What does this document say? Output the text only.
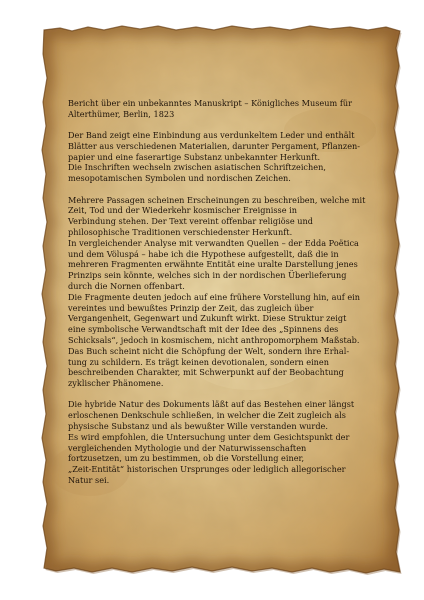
Bericht über ein unbekanntes Manuskript – Königliches Museum für
Alterthümer, Berlin, 1823

Der Band zeigt eine Einbindung aus verdunkeltem Leder und enthält
Blätter aus verschiedenen Materialien, darunter Pergament, Pflanzen-
papier und eine faserartige Substanz unbekannter Herkunft.
Die Inschriften wechseln zwischen asiatischen Schriftzeichen,
mesopotamischen Symbolen und nordischen Zeichen.

Mehrere Passagen scheinen Erscheinungen zu beschreiben, welche mit
Zeit, Tod und der Wiederkehr kosmischer Ereignisse in
Verbindung stehen. Der Text vereint offenbar religiöse und
philosophische Traditionen verschiedenster Herkunft.
In vergleichender Analyse mit verwandten Quellen – der Edda Poëtica
und dem Völuspá – habe ich die Hypothese aufgestellt, daß die in
mehreren Fragmenten erwähnte Entität eine uralte Darstellung jenes
Prinzips sein könnte, welches sich in der nordischen Überlieferung
durch die Nornen offenbart.
Die Fragmente deuten jedoch auf eine frühere Vorstellung hin, auf ein
vereintes und bewußtes Prinzip der Zeit, das zugleich über
Vergangenheit, Gegenwart und Zukunft wirkt. Diese Struktur zeigt
eine symbolische Verwandtschaft mit der Idee des „Spinnens des
Schicksals“, jedoch in kosmischem, nicht anthropomorphem Maßstab.
Das Buch scheint nicht die Schöpfung der Welt, sondern ihre Erhal-
tung zu schildern. Es trägt keinen devotionalen, sondern einen
beschreibenden Charakter, mit Schwerpunkt auf der Beobachtung
zyklischer Phänomene.

Die hybride Natur des Dokuments läßt auf das Bestehen einer längst
erloschenen Denkschule schließen, in welcher die Zeit zugleich als
physische Substanz und als bewußter Wille verstanden wurde.
Es wird empfohlen, die Untersuchung unter dem Gesichtspunkt der
vergleichenden Mythologie und der Naturwissenschaften
fortzusetzen, um zu bestimmen, ob die Vorstellung einer,
„Zeit-Entität“ historischen Ursprunges oder lediglich allegorischer
Natur sei.
